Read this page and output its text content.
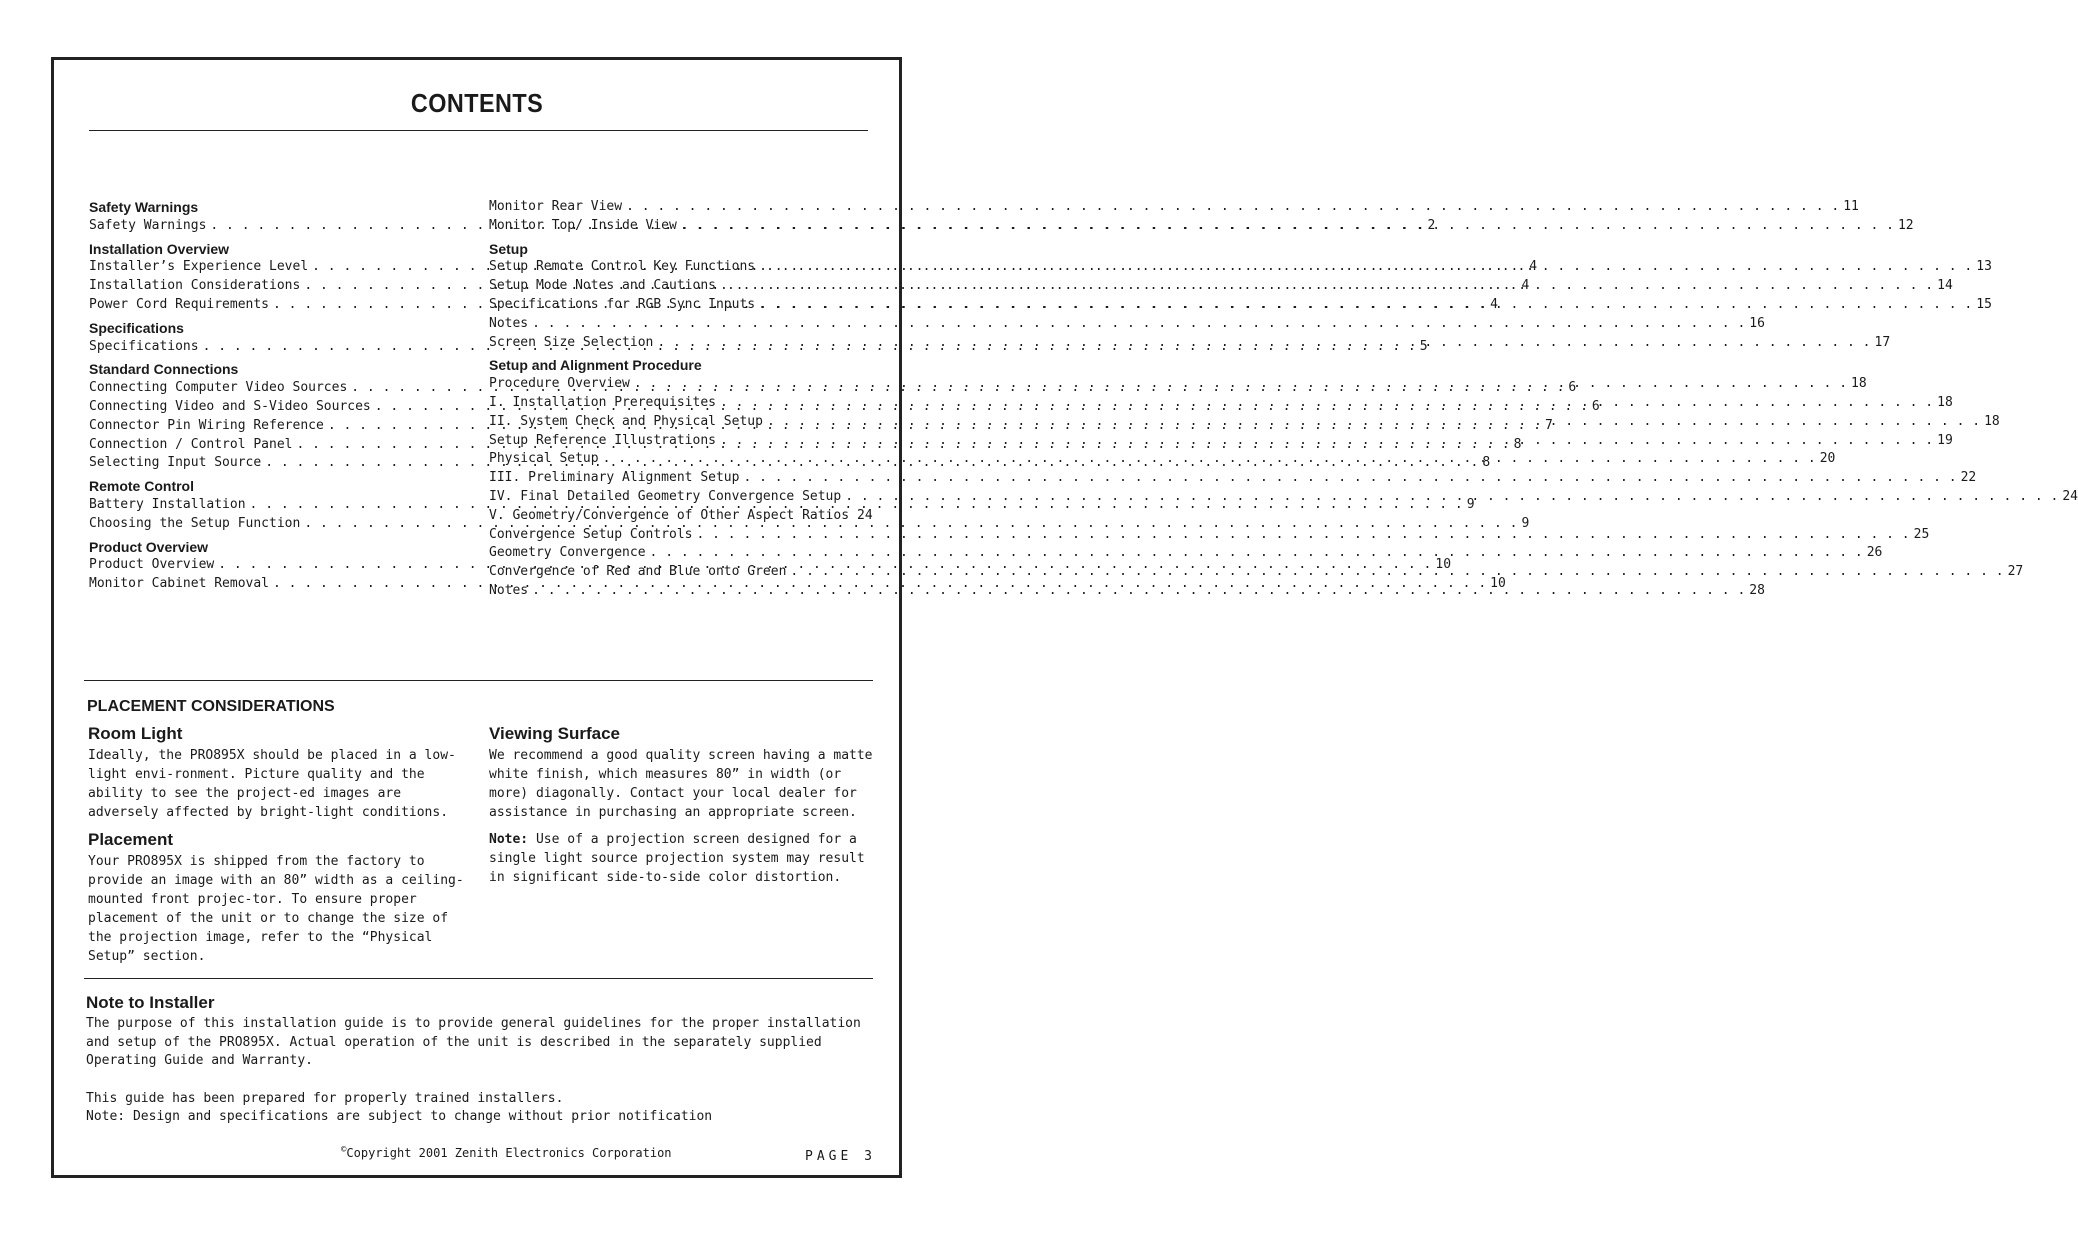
CONTENTS
Safety Warnings
Safety Warnings . . .	2
Installation Overview
Installer’s Experience Level . . .	4
Installation Considerations . . .	4
Power Cord Requirements . . .	4
Specifications
Specifications . . .	5
Standard Connections
Connecting Computer Video Sources . . .	6
Connecting Video and S-Video Sources . . .	6
Connector Pin Wiring Reference . . .	7
Connection / Control Panel . . .	8
Selecting Input Source . . .	8
Remote Control
Battery Installation . . .	9
Choosing the Setup Function . . .	9
Product Overview
Product Overview . . .	10
Monitor Cabinet Removal . . .	10
Monitor Rear View . . .	11
Monitor Top/ Inside View . . .	12
Setup
Setup Remote Control Key Functions . . .	13
Setup Mode Notes and Cautions . . .	14
Specifications for RGB Sync Inputs . . .	15
Notes . . .	16
Screen Size Selection . . .	17
Setup and Alignment Procedure
Procedure Overview . . .	18
I. Installation Prerequisites . . .	18
II. System Check and Physical Setup . . .	18
Setup Reference Illustrations . . .	19
Physical Setup . . .	20
III. Preliminary Alignment Setup . . .	22
IV. Final Detailed Geometry Convergence Setup . . .	24
V. Geometry/Convergence of Other Aspect Ratios 24
Convergence Setup Controls . . .	25
Geometry Convergence . . .	26
Convergence of Red and Blue onto Green . . .	27
Notes . . .	28
PLACEMENT CONSIDERATIONS
Room Light

Ideally, the PRO895X should be placed in a low-light envi-ronment. Picture quality and the ability to see the project-ed images are adversely affected by bright-light conditions.

Placement

Your PRO895X is shipped from the factory to provide an image with an 80” width as a ceiling-mounted front projec-tor. To ensure proper placement of the unit or to change the size of the projection image, refer to the “Physical Setup” section.

Viewing Surface

We recommend a good quality screen having a matte white finish, which measures 80” in width (or more) diagonally. Contact your local dealer for assistance in purchasing an appropriate screen.

Note: Use of a projection screen designed for a single light source projection system may result in significant side-to-side color distortion.

Note to Installer
The purpose of this installation guide is to provide general guidelines for the proper installation and setup of the PRO895X. Actual operation of the unit is described in the separately supplied Operating Guide and Warranty.
This guide has been prepared for properly trained installers.
Note: Design and specifications are subject to change without prior notification
©Copyright 2001 Zenith Electronics Corporation	PAGE 3
